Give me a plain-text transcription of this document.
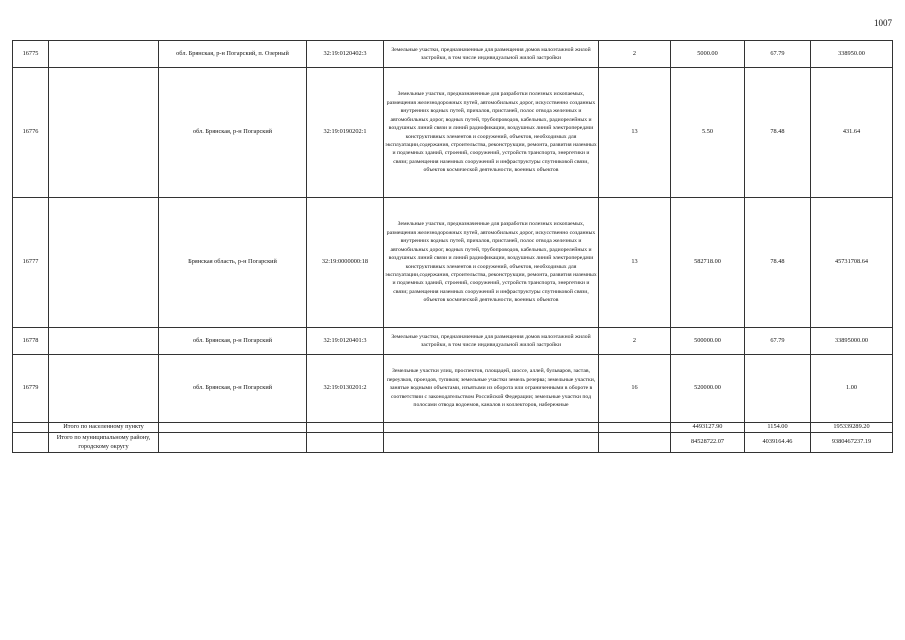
1007
16775		обл. Брянская, р-н Погарский, п. Озерный	32:19:0120402:3	Земельные участки, предназначенные для размещения домов малоэтажной жилой застройки, в том числе индивидуальной жилой застройки	2	5000.00	67.79	338950.00
16776		обл. Брянская, р-н Погарский	32:19:0190202:1	Земельные участки, предназначенные для разработки полезных ископаемых, размещения железнодорожных путей, автомобильных дорог, искусственно созданных внутренних водных путей, причалов, пристаней, полос отвода железных и автомобильных дорог, водных путей, трубопроводов, кабельных, радиорелейных и воздушных линий связи и линий радиофикации, воздушных линий электропередачи конструктивных элементов и сооружений, объектов, необходимых для эксплуатации,содержания, строительства, реконструкции, ремонта, развития наземных и подземных зданий, строений, сооружений, устройств транспорта, энергетики и связи; размещения наземных сооружений и инфраструктуры спутниковой связи, объектов космической деятельности, военных объектов	13	5.50	78.48	431.64
16777		Брянская область, р-н Погарский	32:19:0000000:18	Земельные участки, предназначенные для разработки полезных ископаемых, размещения железнодорожных путей, автомобильных дорог, искусственно созданных внутренних водных путей, причалов, пристаней, полос отвода железных и автомобильных дорог, водных путей, трубопроводов, кабельных, радиорелейных и воздушных линий связи и линий радиофикации, воздушных линий электропередачи конструктивных элементов и сооружений, объектов, необходимых для эксплуатации,содержания, строительства, реконструкции, ремонта, развития наземных и подземных зданий, строений, сооружений, устройств транспорта, энергетики и связи; размещения наземных сооружений и инфраструктуры спутниковой связи, объектов космической деятельности, военных объектов	13	582718.00	78.48	45731708.64
16778		обл. Брянская, р-н Погарский	32:19:0120401:3	Земельные участки, предназначенные для размещения домов малоэтажной жилой застройки, в том числе индивидуальной жилой застройки	2	500000.00	67.79	33895000.00
16779		обл. Брянская, р-н Погарский	32:19:0130201:2	Земельные участки улиц, проспектов, площадей, шоссе, аллей, бульваров, застав, переулков, проездов, тупиков; земельные участки земель резерва; земельные участки, занятые водными объектами, изъятыми из оборота или ограниченными в обороте в соответствии с законодательством Российской Федерации; земельные участки под полосами отвода водоемов, каналов и коллекторов, набережные	16	520000.00		1.00
	Итого по населенному пункту					4493127.90	1154.00	195339289.20
	Итого по муниципальному району, городскому округу					84528722.07	4039164.46	9380467237.19
